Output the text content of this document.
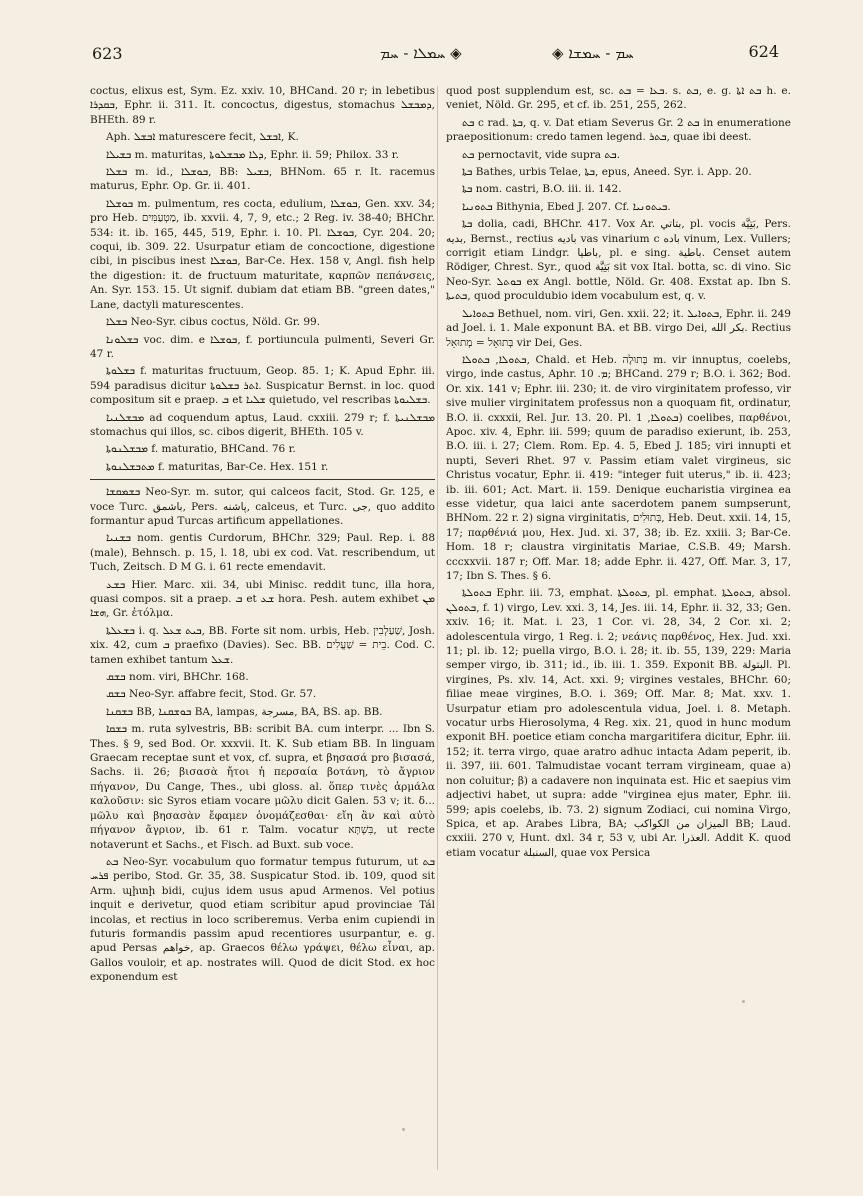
623	ܚܡܠܐ - ܚܡ ◈	◈ ܚܡ - ܚܡܫܐ	624

coctus, elixus est, Sym. Ez. xxiv. 10, BHCand. 20 r; in lebetibus ܒܩܕܪܐ, Ephr. ii. 311. It. concoctus, digestus, stomachus ܕܡܒܫܠ, BHEth. 89 r.

Aph. ܐܒܫܠ maturescere fecit, ܐܒܫܠ, K.

ܒܫܝܠܐ m. maturitas, ܕܠܐ ܡܒܫܠܘܬܐ, Ephr. ii. 59; Philox. 33 r.

ܒܫܠܐ m. id., ܒܘܫܠܐ, BB: ܒܫܝܠ, BHNom. 65 r. It. racemus maturus, Ephr. Op. Gr. ii. 401.

ܒܘܫܠܐ m. pulmentum, res cocta, edulium, ܒܘܫܠܐ, Gen. xxv. 34; pro Heb. מַטְעַמִּים, ib. xxvii. 4, 7, 9, etc.; 2 Reg. iv. 38-40; BHChr. 534: it. ib. 165, 445, 519, Ephr. i. 10. Pl. ܒܘܫܠܐ, Cyr. 204. 20; coqui, ib. 309. 22. Usurpatur etiam de concoctione, digestione cibi, in piscibus inest ܒܘܫܠܐ, Bar-Ce. Hex. 158 v, Angl. fish help the digestion: it. de fructuum maturitate, καρπῶν πεπάνσεις, An. Syr. 153. 15. Ut signif. dubiam dat etiam BB. "green dates," Lane, dactyli maturescentes.

ܒܫܠܐ Neo-Syr. cibus coctus, Nöld. Gr. 99.

ܒܫܠܘܢܐ voc. dim. e ܒܘܫܠܐ, f. portiuncula pulmenti, Severi Gr. 47 r.

ܒܫܠܘܬܐ f. maturitas fructuum, Geop. 85. 1; K. Apud Ephr. iii. 594 paradisus dicitur ܐܬܪ ܒܫܠܘܬܐ. Suspicatur Bernst. in loc. quod compositum sit e praep. ܒ et ܫܠܝܐ quietudo, vel rescribas ܒܫܠܝܘܬܐ.

ܡܒܫܠܢܝܐ ad coquendum aptus, Laud. cxxiii. 279 r; f. ܡܒܫܠܢܝܬܐ stomachus qui illos, sc. cibos digerit, BHEth. 105 v.

ܡܒܫܠܢܘܬܐ f. maturatio, BHCand. 76 r.

ܡܬܒܫܠܢܘܬܐ f. maturitas, Bar-Ce. Hex. 151 r.

ܒܫܡܩܫܐ Neo-Syr. m. sutor, qui calceos facit, Stod. Gr. 125, e voce Turc. باشمق, Pers. پاشنه, calceus, et Turc. جى, quo addito formantur apud Turcas artificum appellationes.

ܒܫܢܝܐ nom. gentis Curdorum, BHChr. 329; Paul. Rep. i. 88 (male), Behnsch. p. 15, l. 18, ubi ex cod. Vat. rescribendum, ut Tuch, Zeitsch. D M G. i. 61 recte emendavit.

ܒܫܥ Hier. Marc. xii. 34, ubi Minisc. reddit tunc, illa hora, quasi compos. sit a praep. ܒ et ܫܥ hora. Pesh. autem exhibet ܡܢ ܗܫܐ, Gr. ἐτόλμα.

ܒܫܥܠܬܐ i. q. ܒܝܬ ܫܥܠ, BB. Forte sit nom. urbis, Heb. שַׁעַלְבִין, Josh. xix. 42, cum ܒ praefixo (Davies). Sec. BB. בֵית = שַׁעֲלִים. Cod. C. tamen exhibet tantum ܫܥܠ.

ܒܫܩ nom. viri, BHChr. 168.

ܒܫܩ Neo-Syr. affabre fecit, Stod. Gr. 57.

ܒܫܩܢܐ BB, ܒܘܫܩܢܐ BA, lampas, مسرجة, BA, BS. ap. BB.

ܒܫܩܐ m. ruta sylvestris, BB: scribit BA. cum interpr. ... Ibn S. Thes. § 9, sed Bod. Or. xxxvii. It. K. Sub etiam BB. In linguam Graecam receptae sunt et vox, cf. supra, et βησασά pro βισασά, Sachs. ii. 26; βισασὰ ἤτοι ἡ περσαία βοτάνη, τὸ ἄγριον πήγανον, Du Cange, Thes., ubi gloss. al. ὅπερ τινὲς ἁρμάλα καλοῦσιν: sic Syros etiam vocare μῶλυ dicit Galen. 53 v; it. δ... μῶλυ καὶ βησασὰν ἔφαμεν ὀνομάζεσθαι· εἴη ἂν καὶ αὐτὸ πήγανον ἄγριον, ib. 61 r. Talm. vocatur בִּשְׁתָּא, ut recte notaverunt et Sachs., et Fisch. ad Buxt. sub voce.

ܒܬ Neo-Syr. vocabulum quo formatur tempus futurum, ut ܒܬ ܦܪܚ peribo, Stod. Gr. 35, 38. Suspicatur Stod. ib. 109, quod sit Arm. պիտի bidi, cujus idem usus apud Armenos. Vel potius inquit e derivetur, quod etiam scribitur apud provinciae Tál incolas, et rectius in loco scriberemus. Verba enim cupiendi in futuris formandis passim apud recentiores usurpantur, e. g. apud Persas خواهم, ap. Graecos θέλω γράψει, θέλω εἶναι, ap. Gallos vouloir, et ap. nostrates will. Quod de dicit Stod. ex hoc exponendum est

quod post supplendum est, sc. ܒܥܐ = ܒܬ. s. ܒܬ, e. g. ܒܬ ܐܬܐ h. e. veniet, Nöld. Gr. 295, et cf. ib. 251, 255, 262.

ܒܬ c rad. ܒܬܐ, q. v. Dat etiam Severus Gr. 2 ܒܬ in enumeratione praepositionum: credo tamen legend. ܒܬܪ, quae ibi deest.

ܒܬ pernoctavit, vide supra ܒܬ.

ܒܬܐ Bathes, urbis Telae, ܒܬܐ, epus, Aneed. Syr. i. App. 20.

ܒܬܐ nom. castri, B.O. iii. ii. 142.

ܒܬܘܢܝܐ Bithynia, Ebed J. 207. Cf. ܒܝܬܘܢܝܐ.

ܒܬܐ dolia, cadi, BHChr. 417. Vox Ar. بتاتي, pl. vocis بَتِيَّة, Pers. بديه, Bernst., rectius باديه vas vinarium c باده vinum, Lex. Vullers; corrigit etiam Lindgr. باطيا, pl. e sing. باطية. Censet autem Rödiger, Chrest. Syr., quod بَتِيَّة sit vox Ital. botta, sc. di vino. Sic Neo-Syr. ܒܘܬܠ ex Angl. bottle, Nöld. Gr. 408. Exstat ap. Ibn S. ܒܬܝܬܐ, quod proculdubio idem vocabulum est, q. v.

ܒܬܘܐܝܠ Bethuel, nom. viri, Gen. xxii. 22; it. ܒܬܘܐܝܠ, Ephr. ii. 249 ad Joel. i. 1. Male exponunt BA. et BB. virgo Dei, بكر الله. Rectius בְּתוּאֵל = מְתוּאֵל vir Dei, Ges.

ܒܬܘܠܐ, ܒܬܘܠܐ, Chald. et Heb. בְּתוּלָה m. vir innuptus, coelebs, virgo, inde castus, Aphr. ܡ. 10; BHCand. 279 r; B.O. i. 362; Bod. Or. xix. 141 v; Ephr. iii. 230; it. de viro virginitatem professo, vir sive mulier virginitatem professus non a quoquam fit, ordinatur, B.O. ii. cxxxii, Rel. Jur. 13. 20. Pl. ܒܬܘܠܐ, 1) coelibes, παρθένοι, Apoc. xiv. 4, Ephr. iii. 599; quum de paradiso exierunt, ib. 253, B.O. iii. i. 27; Clem. Rom. Ep. 4. 5, Ebed J. 185; viri innupti et nupti, Severi Rhet. 97 v. Passim etiam valet virgineus, sic Christus vocatur, Ephr. ii. 419: "integer fuit uterus," ib. ii. 423; ib. iii. 601; Act. Mart. ii. 159. Denique eucharistia virginea ea esse videtur, qua laici ante sacerdotem panem sumpserunt, BHNom. 22 r. 2) signa virginitatis, בְּתוּלִים, Heb. Deut. xxii. 14, 15, 17; παρθένιά μου, Hex. Jud. xi. 37, 38; ib. Ez. xxiii. 3; Bar-Ce. Hom. 18 r; claustra virginitatis Mariae, C.S.B. 49; Marsh. cccxxvii. 187 r; Off. Mar. 18; adde Ephr. ii. 427, Off. Mar. 3, 17, 17; Ibn S. Thes. § 6.

ܒܬܘܠܬܐ Ephr. iii. 73, emphat. ܒܬܘܠܬܐ, pl. emphat. ܒܬܘܠܬܐ, absol. ܒܬܘܠܢ, f. 1) virgo, Lev. xxi. 3, 14, Jes. iii. 14, Ephr. ii. 32, 33; Gen. xxiv. 16; it. Mat. i. 23, 1 Cor. vi. 28, 34, 2 Cor. xi. 2; adolescentula virgo, 1 Reg. i. 2; νεάνις παρθένος, Hex. Jud. xxi. 11; pl. ib. 12; puella virgo, B.O. i. 28; it. ib. 55, 139, 229: Maria semper virgo, ib. 311; id., ib. iii. 1. 359. Exponit BB. البتولة. Pl. virgines, Ps. xlv. 14, Act. xxi. 9; virgines vestales, BHChr. 60; filiae meae virgines, B.O. i. 369; Off. Mar. 8; Mat. xxv. 1. Usurpatur etiam pro adolescentula vidua, Joel. i. 8. Metaph. vocatur urbs Hierosolyma, 4 Reg. xix. 21, quod in hunc modum exponit BH. poetice etiam concha margaritifera dicitur, Ephr. iii. 152; it. terra virgo, quae aratro adhuc intacta Adam peperit, ib. ii. 397, iii. 601. Talmudistae vocant terram virgineam, quae a) non coluitur; β) a cadavere non inquinata est. Hic et saepius vim adjectivi habet, ut supra: adde "virginea ejus mater, Ephr. iii. 599; apis coelebs, ib. 73. 2) signum Zodiaci, cui nomina Virgo, Spica, et ap. Arabes Libra, BA; الميزان من الكواكب BB; Laud. cxxiii. 270 v, Hunt. dxl. 34 r, 53 v, ubi Ar. العذرا. Addit K. quod etiam vocatur السنبلة, quae vox Persica
